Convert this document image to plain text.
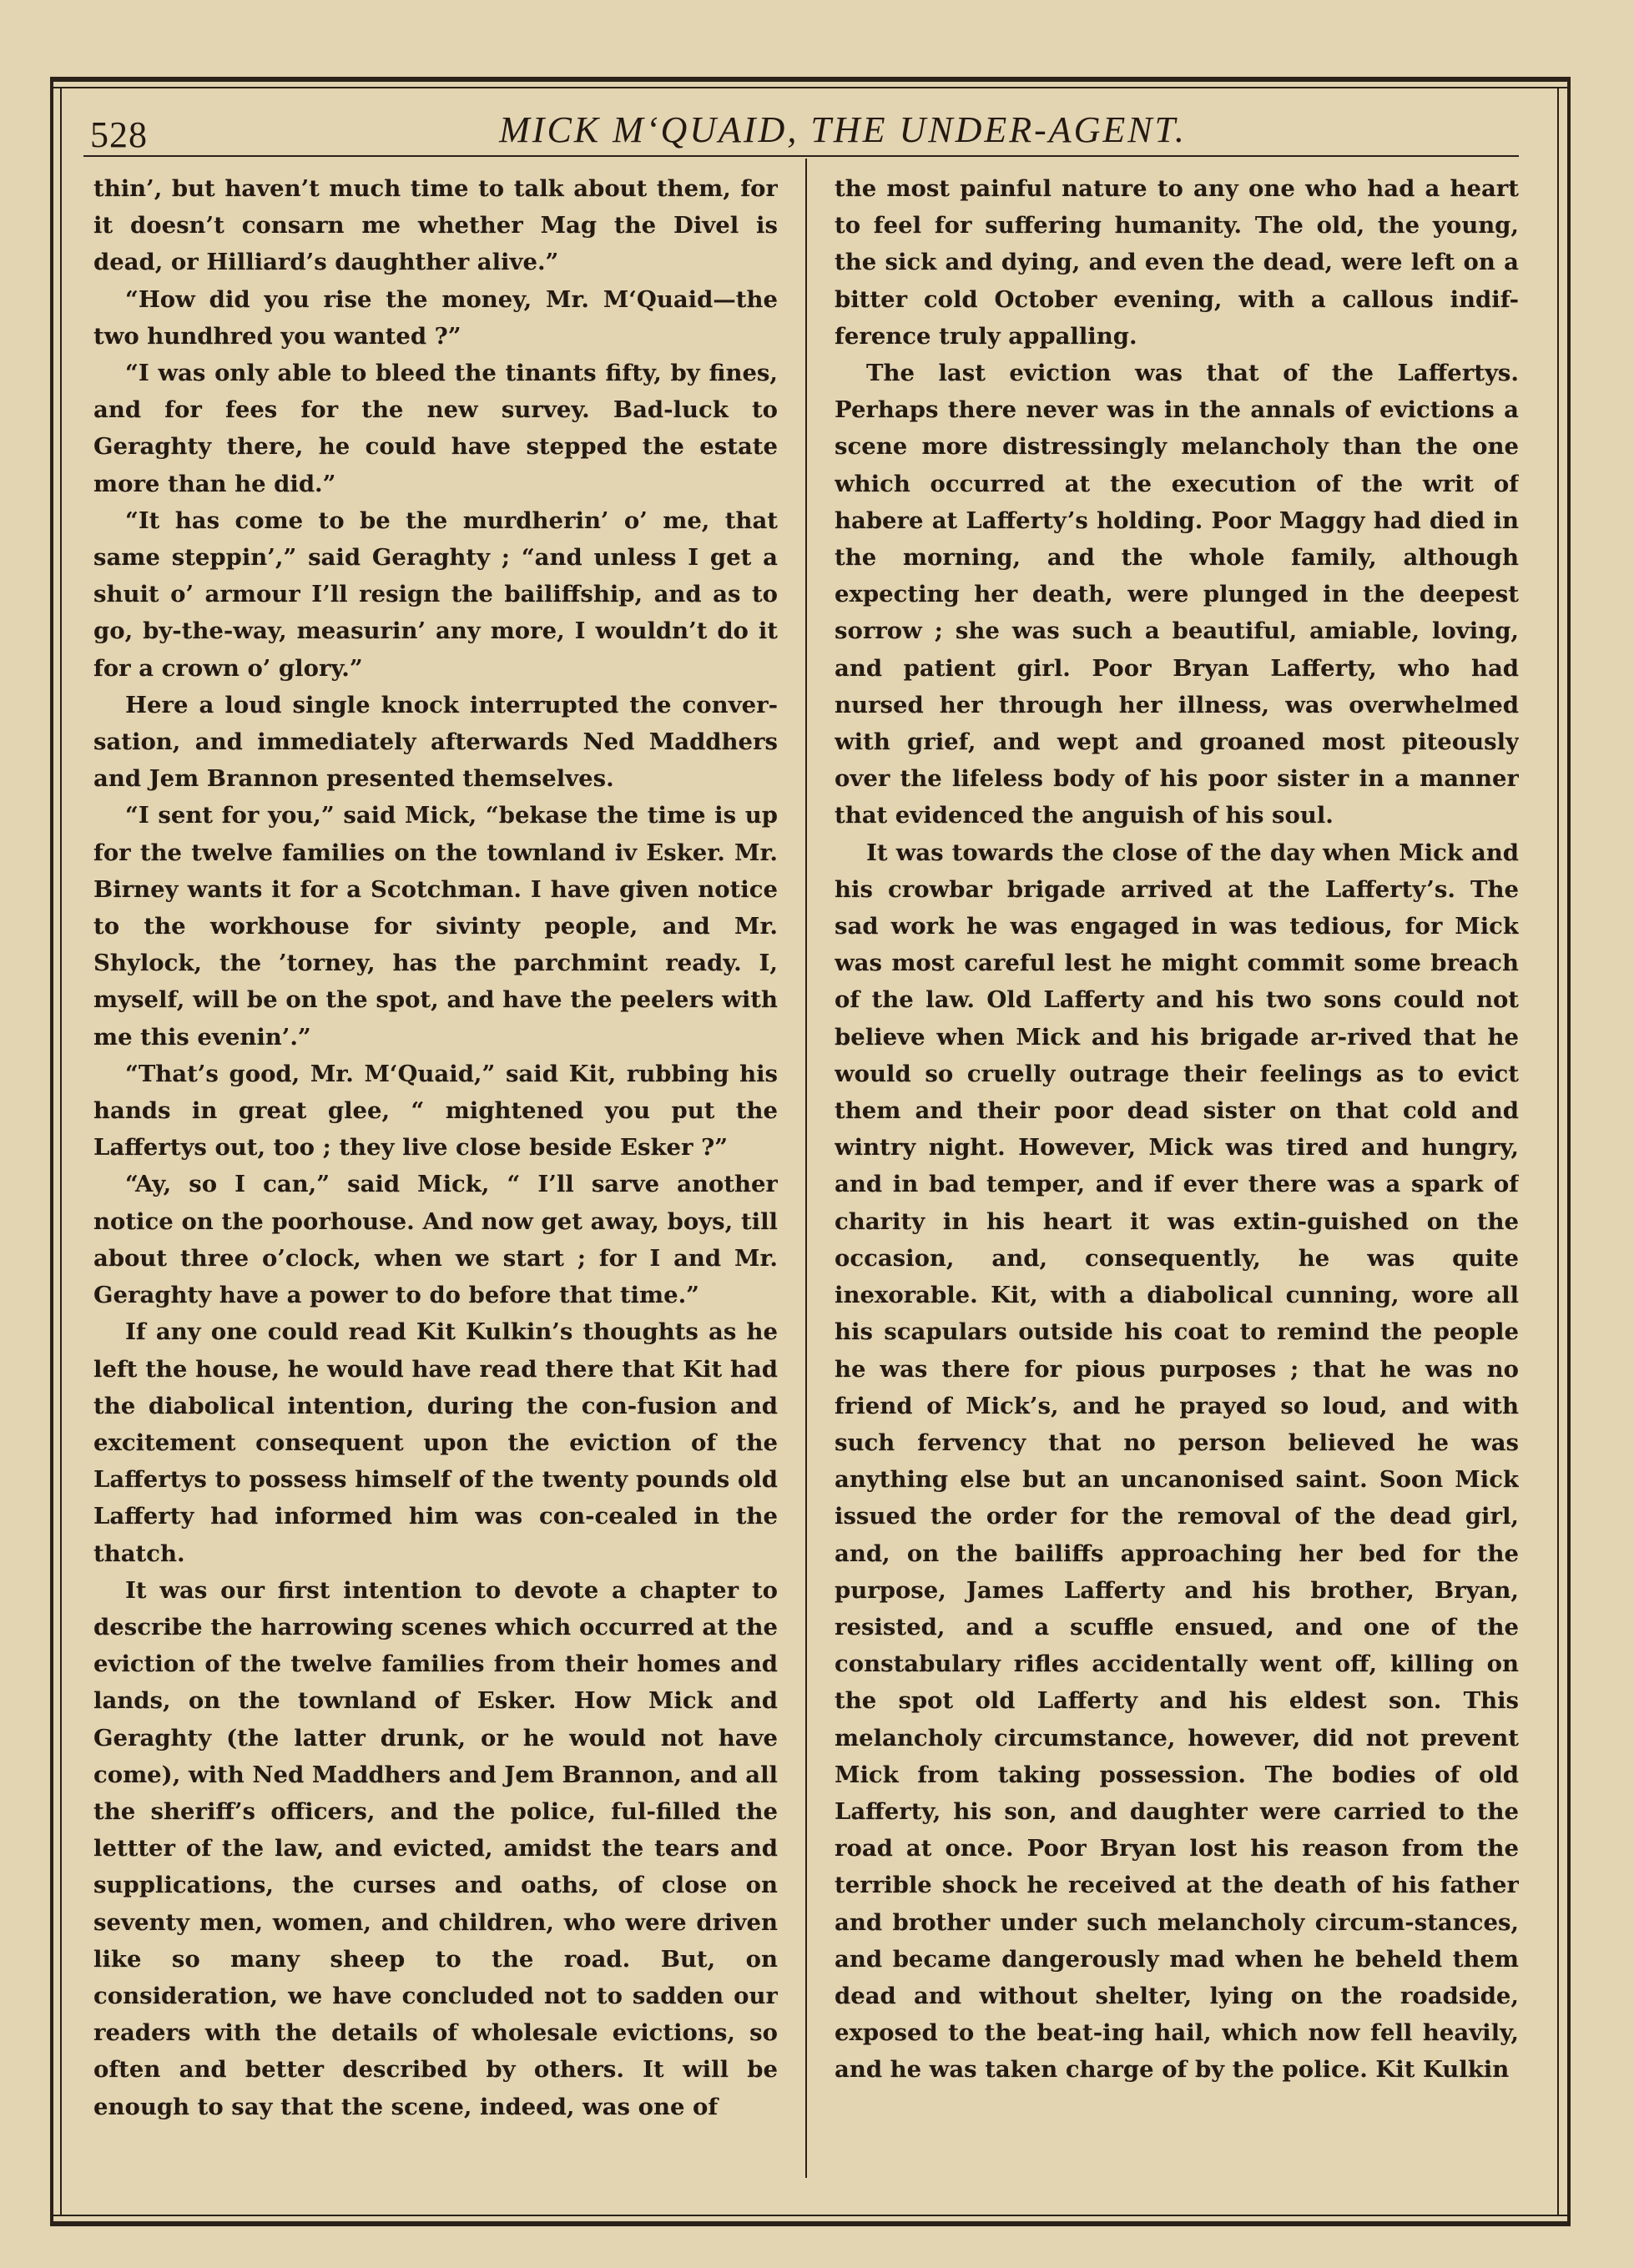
528	MICK M‘QUAID, THE UNDER-AGENT.

thin’, but haven’t much time to talk about them, for it doesn’t consarn me whether Mag the Divel is dead, or Hilliard’s daughther alive.”

“How did you rise the money, Mr. M‘Quaid—the two hundhred you wanted ?”

“I was only able to bleed the tinants fifty, by fines, and for fees for the new survey. Bad-luck to Geraghty there, he could have stepped the estate more than he did.”

“It has come to be the murdherin’ o’ me, that same steppin’,” said Geraghty ; “and unless I get a shuit o’ armour I’ll resign the bailiffship, and as to go, by-the-way, measurin’ any more, I wouldn’t do it for a crown o’ glory.”

Here a loud single knock interrupted the conver-sation, and immediately afterwards Ned Maddhers and Jem Brannon presented themselves.

“I sent for you,” said Mick, “bekase the time is up for the twelve families on the townland iv Esker. Mr. Birney wants it for a Scotchman. I have given notice to the workhouse for sivinty people, and Mr. Shylock, the ’torney, has the parchmint ready. I, myself, will be on the spot, and have the peelers with me this evenin’.”

“That’s good, Mr. M‘Quaid,” said Kit, rubbing his hands in great glee, “ mightened you put the Laffertys out, too ; they live close beside Esker ?”

“Ay, so I can,” said Mick, “ I’ll sarve another notice on the poorhouse. And now get away, boys, till about three o’clock, when we start ; for I and Mr. Geraghty have a power to do before that time.”

If any one could read Kit Kulkin’s thoughts as he left the house, he would have read there that Kit had the diabolical intention, during the con-fusion and excitement consequent upon the eviction of the Laffertys to possess himself of the twenty pounds old Lafferty had informed him was con-cealed in the thatch.

It was our first intention to devote a chapter to describe the harrowing scenes which occurred at the eviction of the twelve families from their homes and lands, on the townland of Esker. How Mick and Geraghty (the latter drunk, or he would not have come), with Ned Maddhers and Jem Brannon, and all the sheriff’s officers, and the police, ful-filled the lettter of the law, and evicted, amidst the tears and supplications, the curses and oaths, of close on seventy men, women, and children, who were driven like so many sheep to the road. But, on consideration, we have concluded not to sadden our readers with the details of wholesale evictions, so often and better described by others. It will be enough to say that the scene, indeed, was one of

the most painful nature to any one who had a heart to feel for suffering humanity. The old, the young, the sick and dying, and even the dead, were left on a bitter cold October evening, with a callous indif-ference truly appalling.

The last eviction was that of the Laffertys. Perhaps there never was in the annals of evictions a scene more distressingly melancholy than the one which occurred at the execution of the writ of habere at Lafferty’s holding. Poor Maggy had died in the morning, and the whole family, although expecting her death, were plunged in the deepest sorrow ; she was such a beautiful, amiable, loving, and patient girl. Poor Bryan Lafferty, who had nursed her through her illness, was overwhelmed with grief, and wept and groaned most piteously over the lifeless body of his poor sister in a manner that evidenced the anguish of his soul.

It was towards the close of the day when Mick and his crowbar brigade arrived at the Lafferty’s. The sad work he was engaged in was tedious, for Mick was most careful lest he might commit some breach of the law. Old Lafferty and his two sons could not believe when Mick and his brigade ar-rived that he would so cruelly outrage their feelings as to evict them and their poor dead sister on that cold and wintry night. However, Mick was tired and hungry, and in bad temper, and if ever there was a spark of charity in his heart it was extin-guished on the occasion, and, consequently, he was quite inexorable. Kit, with a diabolical cunning, wore all his scapulars outside his coat to remind the people he was there for pious purposes ; that he was no friend of Mick’s, and he prayed so loud, and with such fervency that no person believed he was anything else but an uncanonised saint. Soon Mick issued the order for the removal of the dead girl, and, on the bailiffs approaching her bed for the purpose, James Lafferty and his brother, Bryan, resisted, and a scuffle ensued, and one of the constabulary rifles accidentally went off, killing on the spot old Lafferty and his eldest son. This melancholy circumstance, however, did not prevent Mick from taking possession. The bodies of old Lafferty, his son, and daughter were carried to the road at once. Poor Bryan lost his reason from the terrible shock he received at the death of his father and brother under such melancholy circum-stances, and became dangerously mad when he beheld them dead and without shelter, lying on the roadside, exposed to the beat-ing hail, which now fell heavily, and he was taken charge of by the police. Kit Kulkin
